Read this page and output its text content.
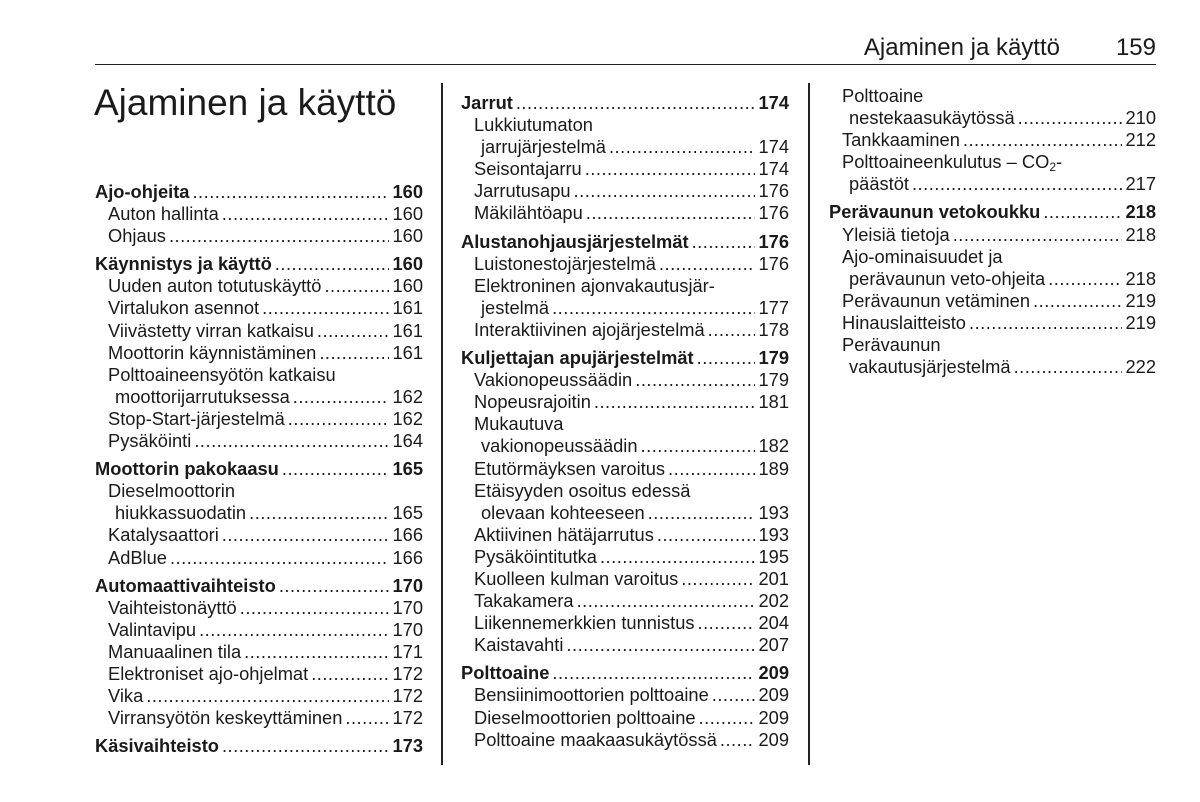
Ajaminen ja käyttö 159
Ajaminen ja käyttö
Ajo-ohjeita .....	160
Auton hallinta .....	160
Ohjaus .....	160
Käynnistys ja käyttö .....	160
Uuden auton totutuskäyttö .....	160
Virtalukon asennot .....	161
Viivästetty virran katkaisu .....	161
Moottorin käynnistäminen .....	161
Polttoaineensyötön katkaisu
moottorijarrutuksessa .....	162
Stop-Start-järjestelmä .....	162
Pysäköinti .....	164
Moottorin pakokaasu .....	165
Dieselmoottorin
hiukkassuodatin .....	165
Katalysaattori .....	166
AdBlue .....	166
Automaattivaihteisto .....	170
Vaihteistonäyttö .....	170
Valintavipu .....	170
Manuaalinen tila .....	171
Elektroniset ajo-ohjelmat .....	172
Vika .....	172
Virransyötön keskeyttäminen .....	172
Käsivaihteisto .....	173
Jarrut .....	174
Lukkiutumaton
jarrujärjestelmä .....	174
Seisontajarru .....	174
Jarrutusapu .....	176
Mäkilähtöapu .....	176
Alustanohjausjärjestelmät .....	176
Luistonestojärjestelmä .....	176
Elektroninen ajonvakautusjär-
jestelmä .....	177
Interaktiivinen ajojärjestelmä .....	178
Kuljettajan apujärjestelmät .....	179
Vakionopeussäädin .....	179
Nopeusrajoitin .....	181
Mukautuva
vakionopeussäädin .....	182
Etutörmäyksen varoitus .....	189
Etäisyyden osoitus edessä
olevaan kohteeseen .....	193
Aktiivinen hätäjarrutus .....	193
Pysäköintitutka .....	195
Kuolleen kulman varoitus .....	201
Takakamera .....	202
Liikennemerkkien tunnistus .....	204
Kaistavahti .....	207
Polttoaine .....	209
Bensiinimoottorien polttoaine .....	209
Dieselmoottorien polttoaine .....	209
Polttoaine maakaasukäytössä ..... 209
Polttoaine
nestekaasukäytössä .....	210
Tankkaaminen .....	212
Polttoaineenkulutus – $CO_2-$
päästöt .....	217
Perävaunun vetokoukku .....	218
Yleisiä tietoja .....	218
Ajo-ominaisuudet ja
perävaunun veto-ohjeita .....	218
Perävaunun vetäminen .....	219
Hinauslaitteisto .....	219
Perävaunun
vakautusjärjestelmä .....	222
